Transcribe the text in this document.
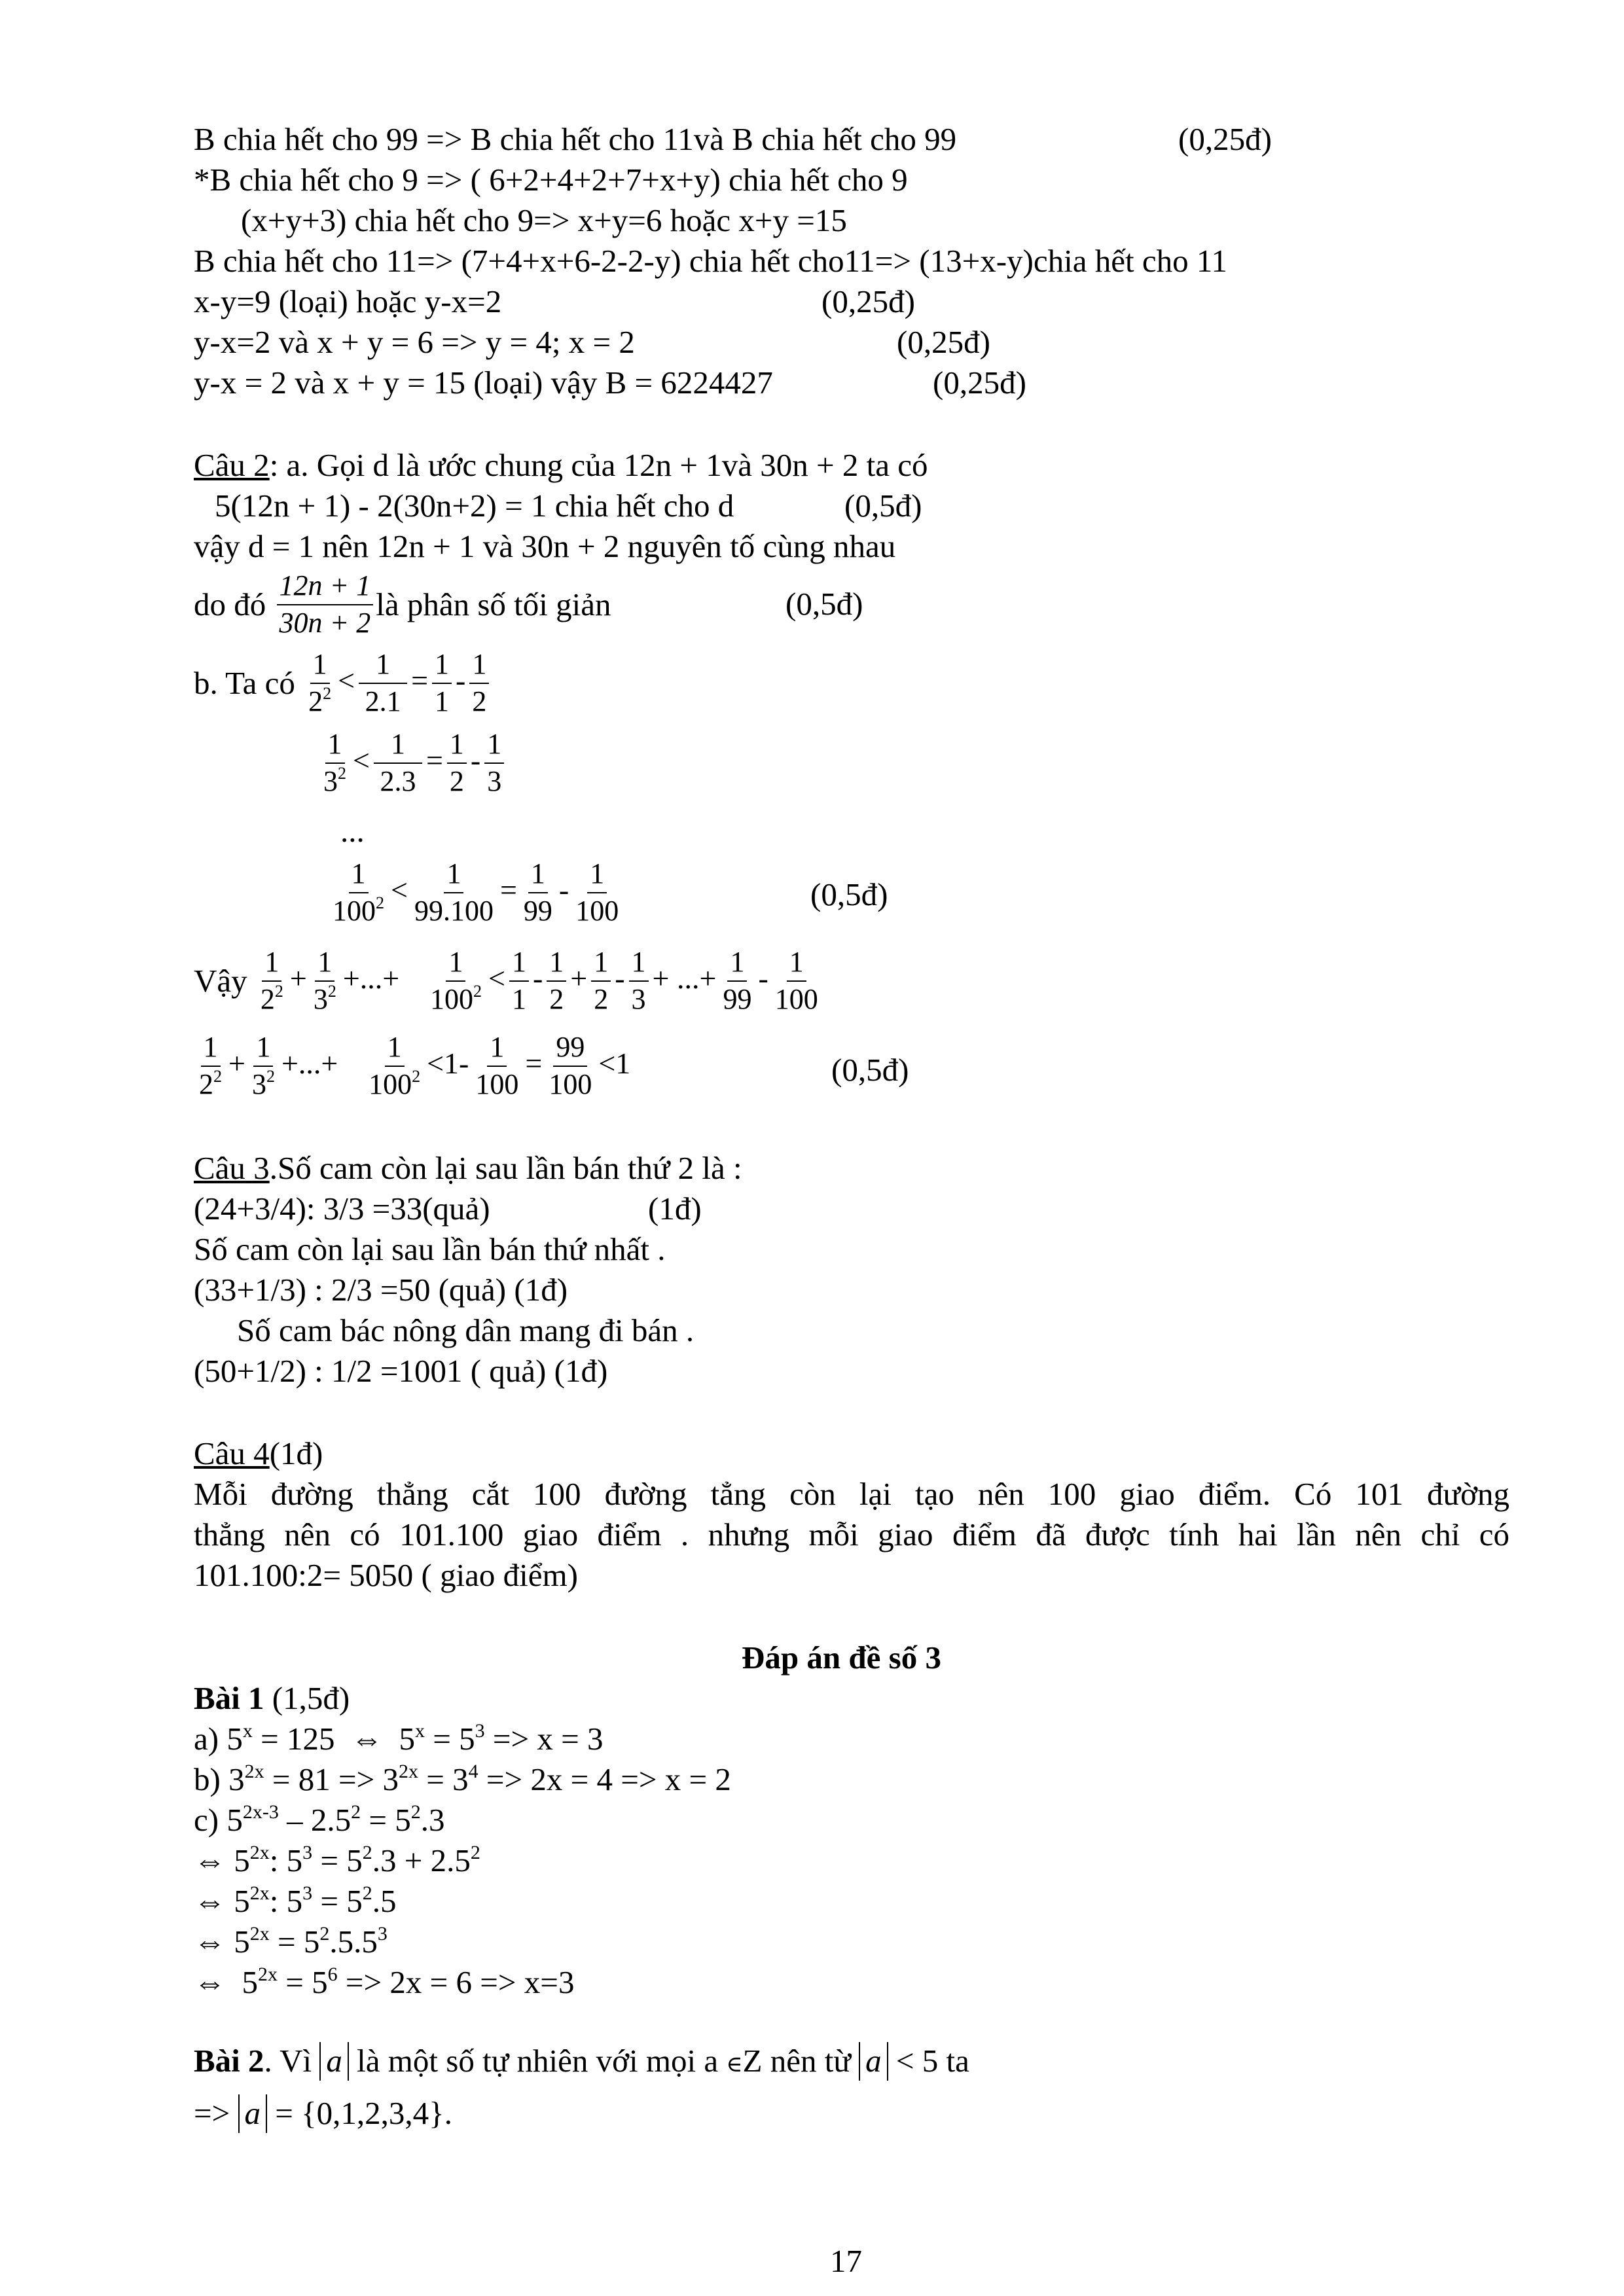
B chia hết cho 99 => B chia hết cho 11và B chia hết cho 99	(0,25đ)
*B chia hết cho 9 => ( 6+2+4+2+7+x+y) chia hết cho 9
(x+y+3) chia hết cho 9=> x+y=6 hoặc x+y =15
B chia hết cho 11=> (7+4+x+6-2-2-y) chia hết cho11=> (13+x-y)chia hết cho 11
x-y=9 (loại) hoặc y-x=2	(0,25đ)
y-x=2 và x + y = 6 => y = 4; x = 2	(0,25đ)
y-x = 2 và x + y = 15 (loại) vậy B = 6224427	(0,25đ)
Câu 2: a. Gọi d là ước chung của 12n + 1và 30n + 2 ta có
5(12n + 1) - 2(30n+2) = 1 chia hết cho d	(0,5đ)
vậy d = 1 nên 12n + 1 và 30n + 2 nguyên tố cùng nhau
do đó $\frac{12n + 1}{30n + 2}$ là phân số tối giản	(0,5đ)
b. Ta có $\frac{1}{2^2} < \frac{1}{2.1} = \frac{1}{1} - \frac{1}{2}$
$\frac{1}{3^2} < \frac{1}{2.3} = \frac{1}{2} - \frac{1}{3}$
...
$\frac{1}{100^2} < \frac{1}{99.100} = \frac{1}{99} - \frac{1}{100}$	(0,5đ)
Vậy $\frac{1}{2^2} + \frac{1}{3^2}$ +...+ $\frac{1}{100^2} < \frac{1}{1} - \frac{1}{2} + \frac{1}{2} - \frac{1}{3}$ + ...+ $\frac{1}{99} - \frac{1}{100}$
$\frac{1}{2^2} + \frac{1}{3^2}$ +...+ $\frac{1}{100^2} <1- \frac{1}{100} = \frac{99}{100} <1$	(0,5đ)
Câu 3.Số cam còn lại sau lần bán thứ 2 là :
(24+3/4): 3/3 =33(quả)	(1đ)
Số cam còn lại sau lần bán thứ nhất .
(33+1/3) : 2/3 =50 (quả) (1đ)
Số cam bác nông dân mang đi bán .
(50+1/2) : 1/2 =1001 ( quả) (1đ)
Câu 4(1đ)
Mỗi đường thẳng cắt 100 đường tẳng còn lại tạo nên 100 giao điểm. Có 101 đường
thẳng nên có 101.100 giao điểm . nhưng mỗi giao điểm đã được tính hai lần nên chỉ có
101.100:2= 5050 ( giao điểm)
Đáp án đề số 3
Bài 1 (1,5đ)
a) $5^x = 125$  ⇔  $5^x = 5^3 => x = 3$
b) $3^{2x} = 81 => 3^{2x} = 3^4 => 2x = 4 => x = 2$
c) $5^{2x-3} - 2.5^2 = 5^2.3$
⇔ $5^{2x}$: $5^3 = 5^2.3 + 2.5^2$
⇔ $5^{2x}$: $5^3 = 5^2.5$
⇔ $5^{2x} = 5^2.5.5^3$
⇔  $5^{2x} = 5^6 => 2x = 6 => x=3$
Bài 2. Vì a là một số tự nhiên với mọi a ∈Z nên từ a < 5 ta
=> a = {0,1,2,3,4}.
17
